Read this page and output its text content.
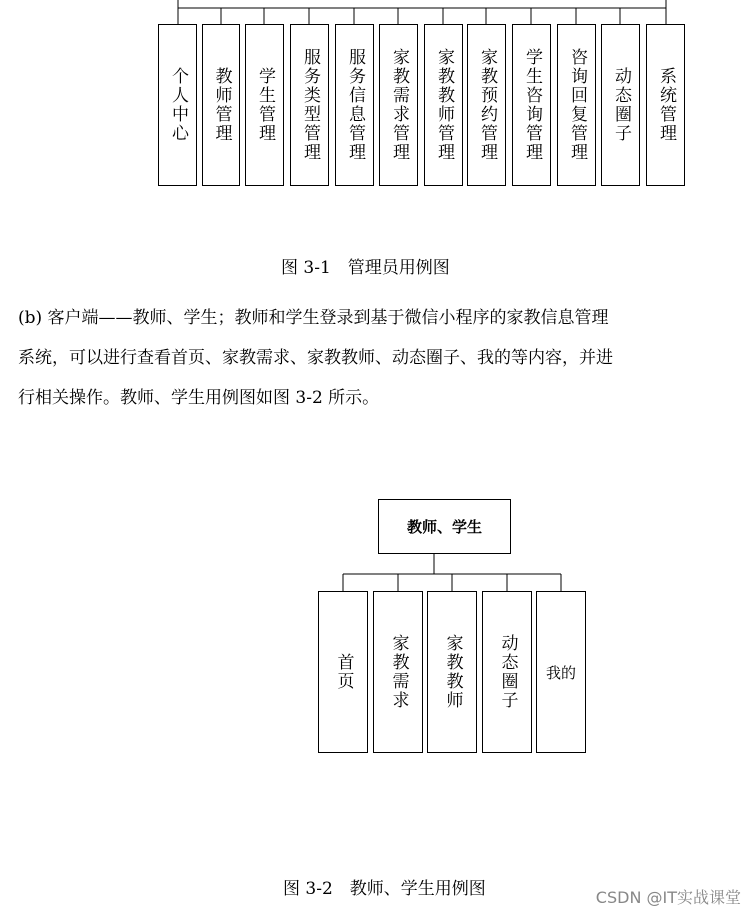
个人中心 教师管理 学生管理 服务类型管理 服务信息管理 家教需求管理 家教教师管理 家教预约管理 学生咨询管理 咨询回复管理 动态圈子 系统管理
图 3-1　管理员用例图
(b) 客户端——教师、学生；教师和学生登录到基于微信小程序的家教信息管理
系统，可以进行查看首页、家教需求、家教教师、动态圈子、我的等内容，并进
行相关操作。教师、学生用例图如图 3-2 所示。
教师、学生
首页 家教需求 家教教师 动态圈子 我的
图 3-2　教师、学生用例图	CSDN @IT实战课堂
